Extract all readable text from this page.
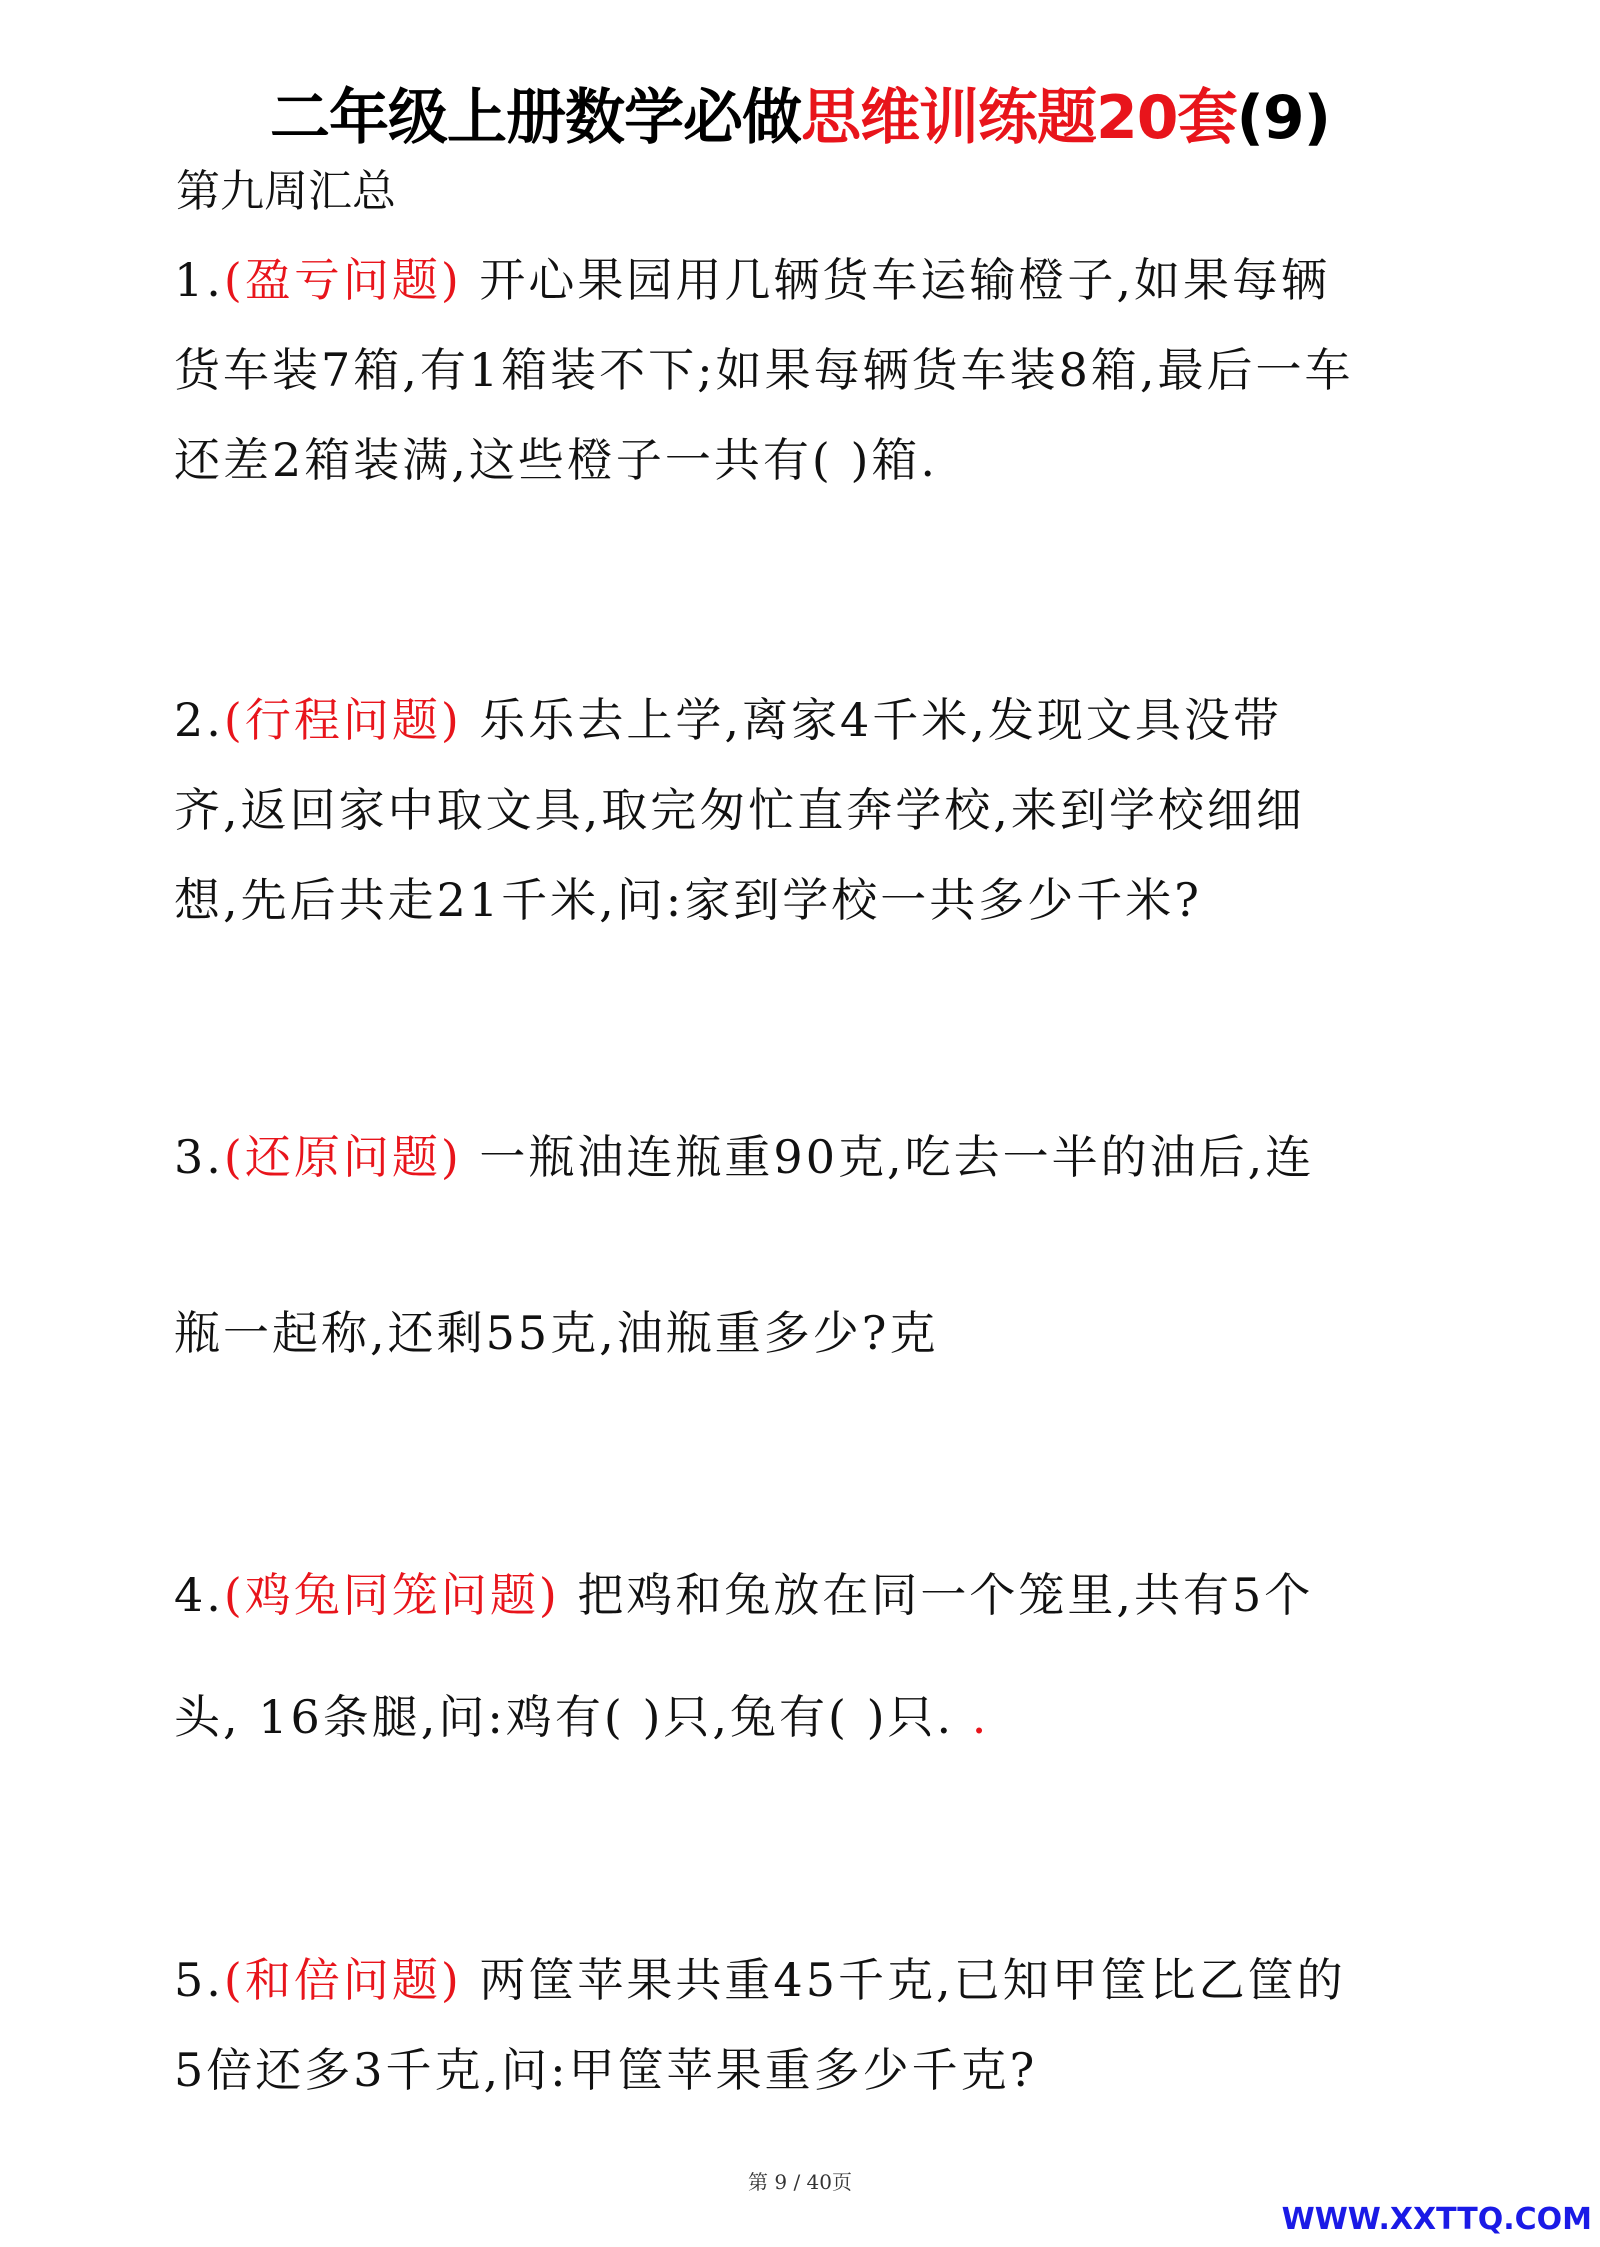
二年级上册数学必做思维训练题20套(9)
第九周汇总
1.(盈亏问题) 开心果园用几辆货车运输橙子,如果每辆
货车装7箱,有1箱装不下;如果每辆货车装8箱,最后一车
还差2箱装满,这些橙子一共有( )箱.
2.(行程问题) 乐乐去上学,离家4千米,发现文具没带
齐,返回家中取文具,取完匆忙直奔学校,来到学校细细
想,先后共走21千米,问:家到学校一共多少千米?
3.(还原问题) 一瓶油连瓶重90克,吃去一半的油后,连
瓶一起称,还剩55克,油瓶重多少?克
4.(鸡兔同笼问题) 把鸡和兔放在同一个笼里,共有5个
头, 16条腿,问:鸡有( )只,兔有( )只. .
5.(和倍问题) 两筐苹果共重45千克,已知甲筐比乙筐的
5倍还多3千克,问:甲筐苹果重多少千克?
第 9 / 40页
WWW.XXTTQ.COM
